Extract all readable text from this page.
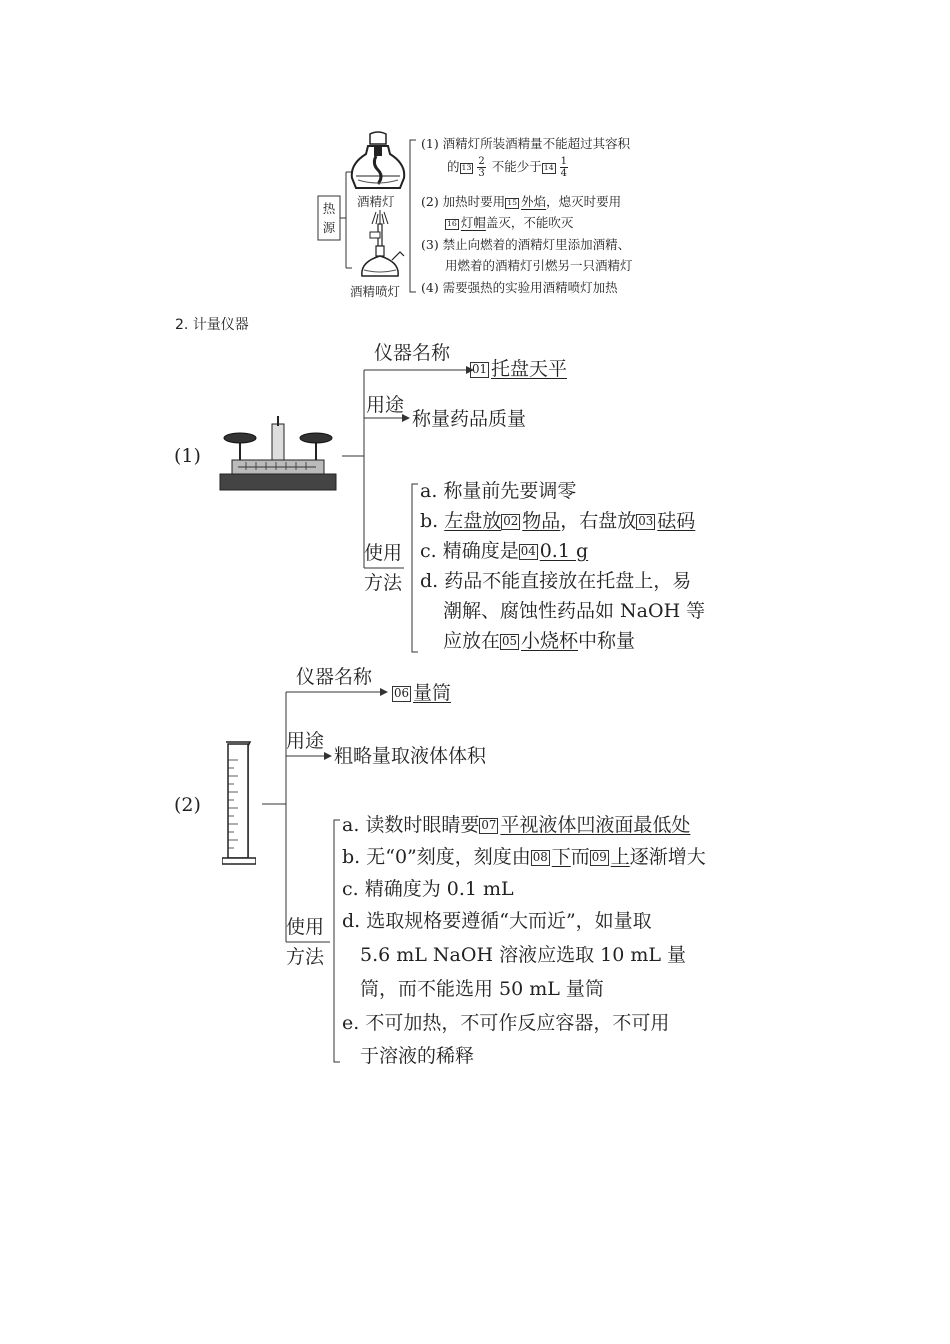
热源
酒精灯
酒精喷灯
(1) 酒精灯所装酒精量不能超过其容积
的 $13 \frac{2}{3}$ 不能少于 $14 \frac{1}{4}$
(2) 加热时要用 15 外焰，熄灭时要用
16 灯帽盖灭，不能吹灭
(3) 禁止向燃着的酒精灯里添加酒精、
用燃着的酒精灯引燃另一只酒精灯
(4) 需要强热的实验用酒精喷灯加热
2. 计量仪器
(1)
仪器名称
01 托盘天平
用途
称量药品质量
使用
方法
a. 称量前先要调零
b. 左盘放 02 物品，右盘放 03 砝码
c. 精确度是 04 0.1 g
d. 药品不能直接放在托盘上，易
潮解、腐蚀性药品如 NaOH 等
应放在 05 小烧杯中称量
(2)
仪器名称
06 量筒
用途
粗略量取液体体积
使用
方法
a. 读数时眼睛要 07 平视液体凹液面最低处
b. 无“0”刻度，刻度由 08 下而 09 上逐渐增大
c. 精确度为 0.1 mL
d. 选取规格要遵循“大而近”，如量取
5.6 mL NaOH 溶液应选取 10 mL 量
筒，而不能选用 50 mL 量筒
e. 不可加热，不可作反应容器，不可用
于溶液的稀释
